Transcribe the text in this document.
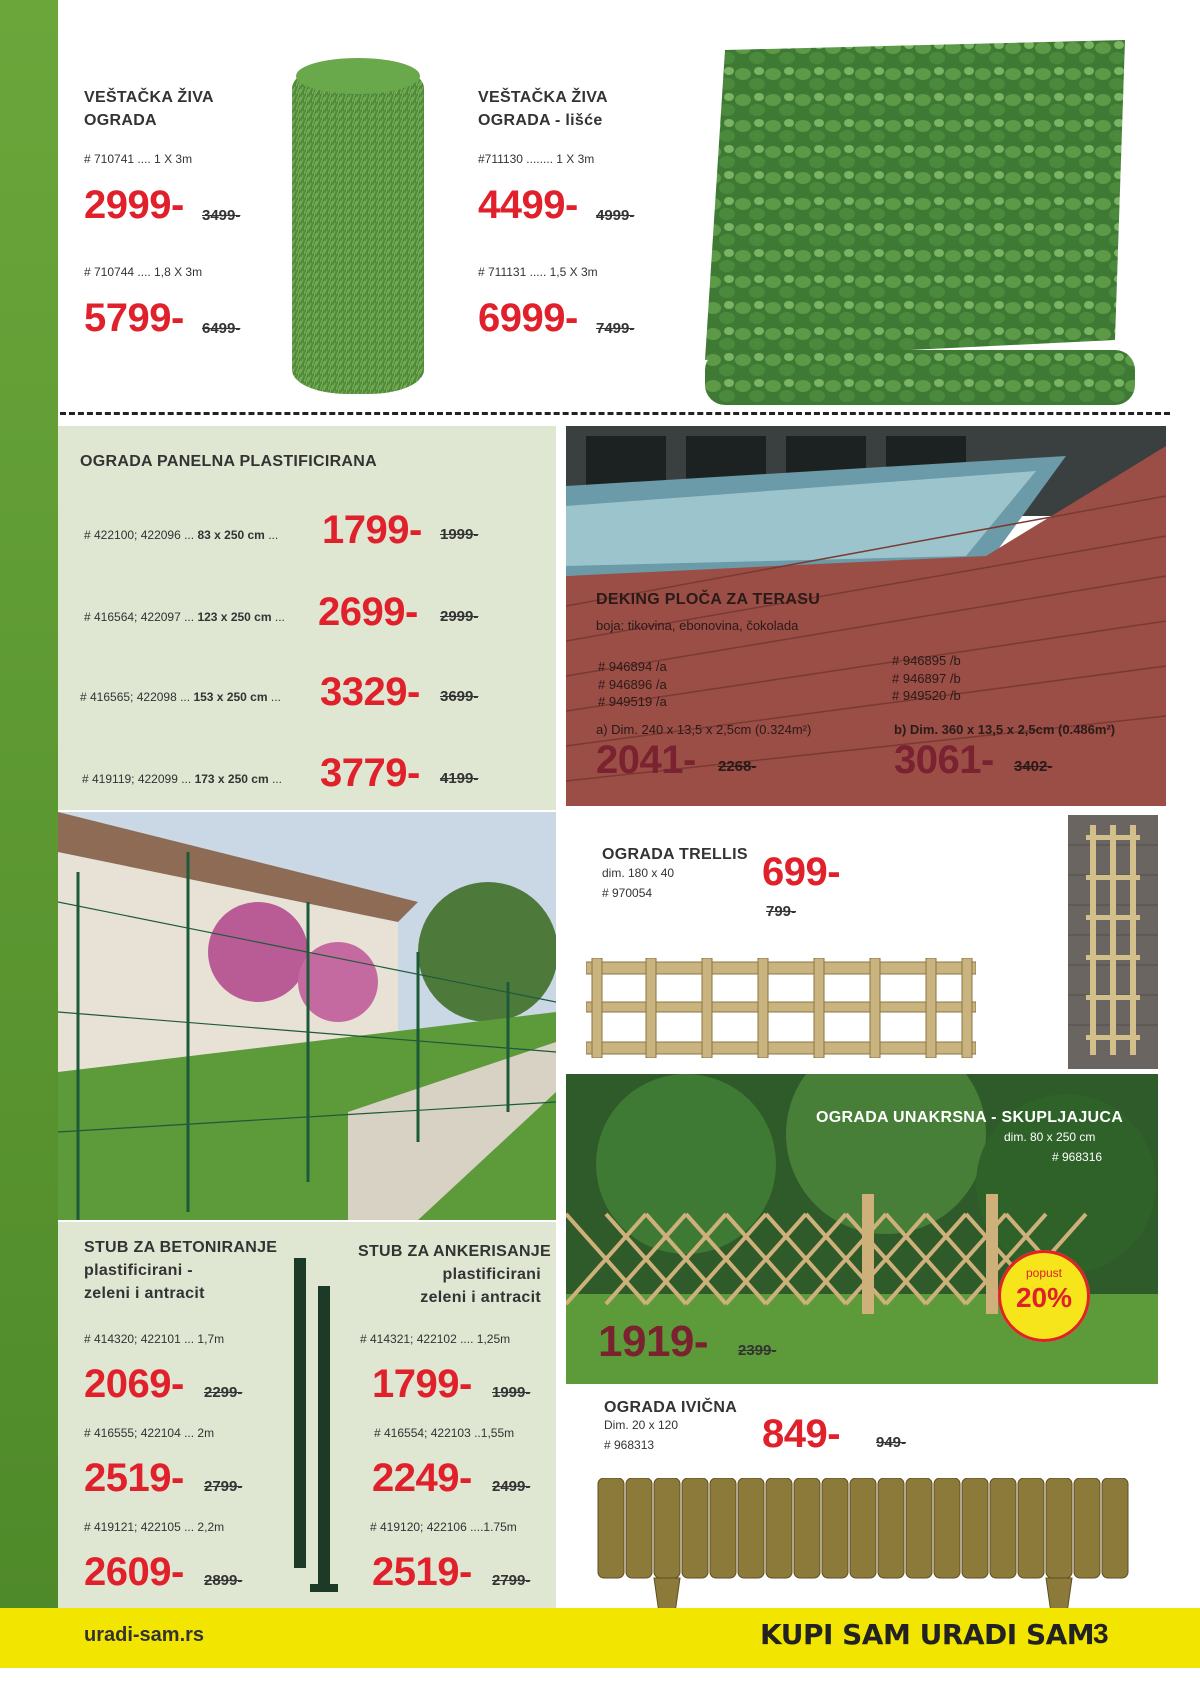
VEŠTAČKA ŽIVA
OGRADA
# 710741 .... 1 X 3m
2999- 3499-
# 710744 .... 1,8 X 3m
5799- 6499-
VEŠTAČKA ŽIVA
OGRADA - lišće
#711130 ........ 1 X 3m
4499- 4999-
# 711131 ..... 1,5 X 3m
6999- 7499-
OGRADA PANELNA PLASTIFICIRANA
# 422100; 422096 ... 83 x 250 cm ... 1799- 1999-
# 416564; 422097 ... 123 x 250 cm ... 2699- 2999-
# 416565; 422098 ... 153 x 250 cm ... 3329- 3699-
# 419119; 422099 ... 173 x 250 cm ... 3779- 4199-
DEKING PLOČA ZA TERASU
boja: tikovina, ebonovina, čokolada
# 946894 /a
# 946896 /a
# 949519 /a
# 946895 /b
# 946897 /b
# 949520 /b
a) Dim. 240 x 13,5 x 2,5cm (0.324m²)	b) Dim. 360 x 13,5 x 2,5cm (0.486m²)
2041- 2268-	3061- 3402-
OGRADA TRELLIS
dim. 180 x 40
# 970054	699-
799-
OGRADA UNAKRSNA - SKUPLJAJUCA
dim. 80 x 250 cm
# 968316
1919- 2399-
popust
20%
STUB ZA BETONIRANJE
plastificirani -
zeleni i antracit
# 414320; 422101 ... 1,7m
2069- 2299-
# 416555; 422104 ... 2m
2519- 2799-
# 419121; 422105 ... 2,2m
2609- 2899-
STUB ZA ANKERISANJE
plastificirani
zeleni i antracit
# 414321; 422102 .... 1,25m
1799- 1999-
# 416554; 422103 ..1,55m
2249- 2499-
# 419120; 422106 ....1.75m
2519- 2799-
OGRADA IVIČNA
Dim. 20 x 120
# 968313	849- 949-
uradi-sam.rs	KUPI SAM URADI SAM
3
